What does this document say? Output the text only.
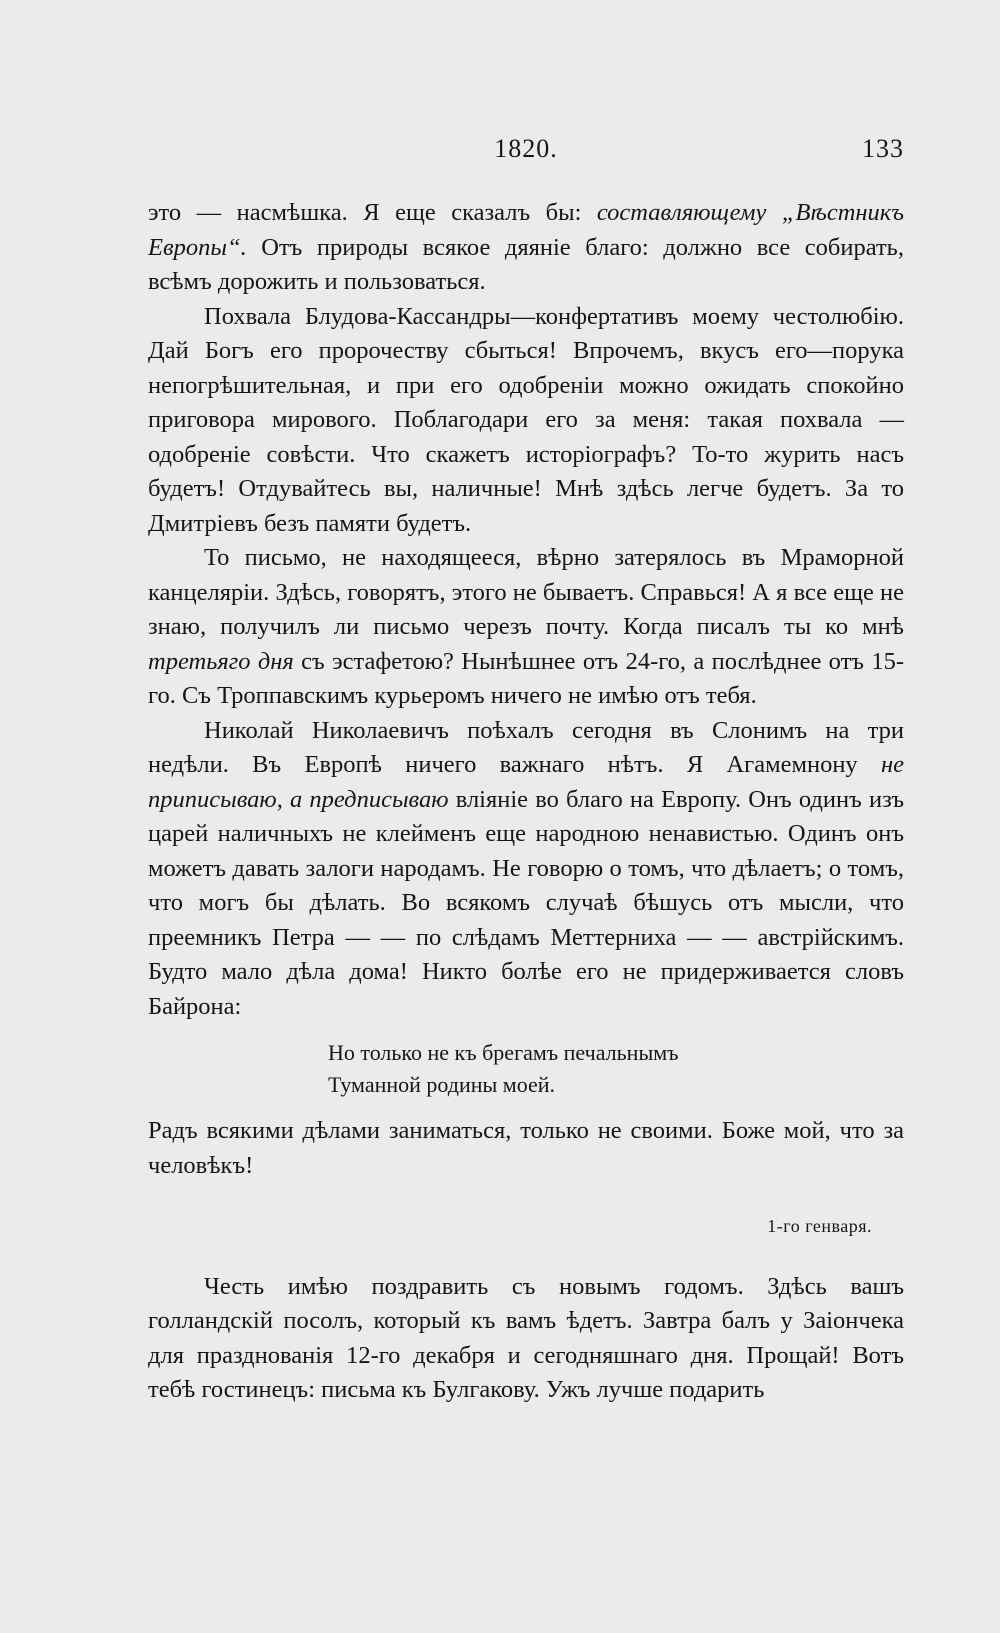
1820.	133

это — насмѣшка. Я еще сказалъ бы: составляющему „Вѣстникъ Европы“. Отъ природы всякое дяяніе благо: должно все собирать, всѣмъ дорожить и пользоваться.

Похвала Блудова-Кассандры—конфертативъ моему честолюбію. Дай Богъ его пророчеству сбыться! Впрочемъ, вкусъ его—порука непогрѣшительная, и при его одобреніи можно ожидать спокойно приговора мирового. Поблагодари его за меня: такая похвала — одобреніе совѣсти. Что скажетъ исторіографъ? То-то журить насъ будетъ! Отдувайтесь вы, наличные! Мнѣ здѣсь легче будетъ. За то Дмитріевъ безъ памяти будетъ.

То письмо, не находящееся, вѣрно затерялось въ Мраморной канцеляріи. Здѣсь, говорятъ, этого не бываетъ. Справься! А я все еще не знаю, получилъ ли письмо черезъ почту. Когда писалъ ты ко мнѣ третьяго дня съ эстафетою? Нынѣшнее отъ 24-го, а послѣднее отъ 15-го. Съ Троппавскимъ курьеромъ ничего не имѣю отъ тебя.

Николай Николаевичъ поѣхалъ сегодня въ Слонимъ на три недѣли. Въ Европѣ ничего важнаго нѣтъ. Я Агамемнону не приписываю, а предписываю вліяніе во благо на Европу. Онъ одинъ изъ царей наличныхъ не клейменъ еще народною ненавистью. Одинъ онъ можетъ давать залоги народамъ. Не говорю о томъ, что дѣлаетъ; о томъ, что могъ бы дѣлать. Во всякомъ случаѣ бѣшусь отъ мысли, что преемникъ Петра — — по слѣдамъ Меттерниха — — австрійскимъ. Будто мало дѣла дома! Никто болѣе его не придерживается словъ Байрона:

Но только не къ брегамъ печальнымъ
Туманной родины моей.

Радъ всякими дѣлами заниматься, только не своими. Боже мой, что за человѣкъ!

1-го генваря.

Честь имѣю поздравить съ новымъ годомъ. Здѣсь вашъ голландскій посолъ, который къ вамъ ѣдетъ. Завтра балъ у Заіончека для празднованія 12-го декабря и сегодняшнаго дня. Прощай! Вотъ тебѣ гостинецъ: письма къ Булгакову. Ужъ лучше подарить
